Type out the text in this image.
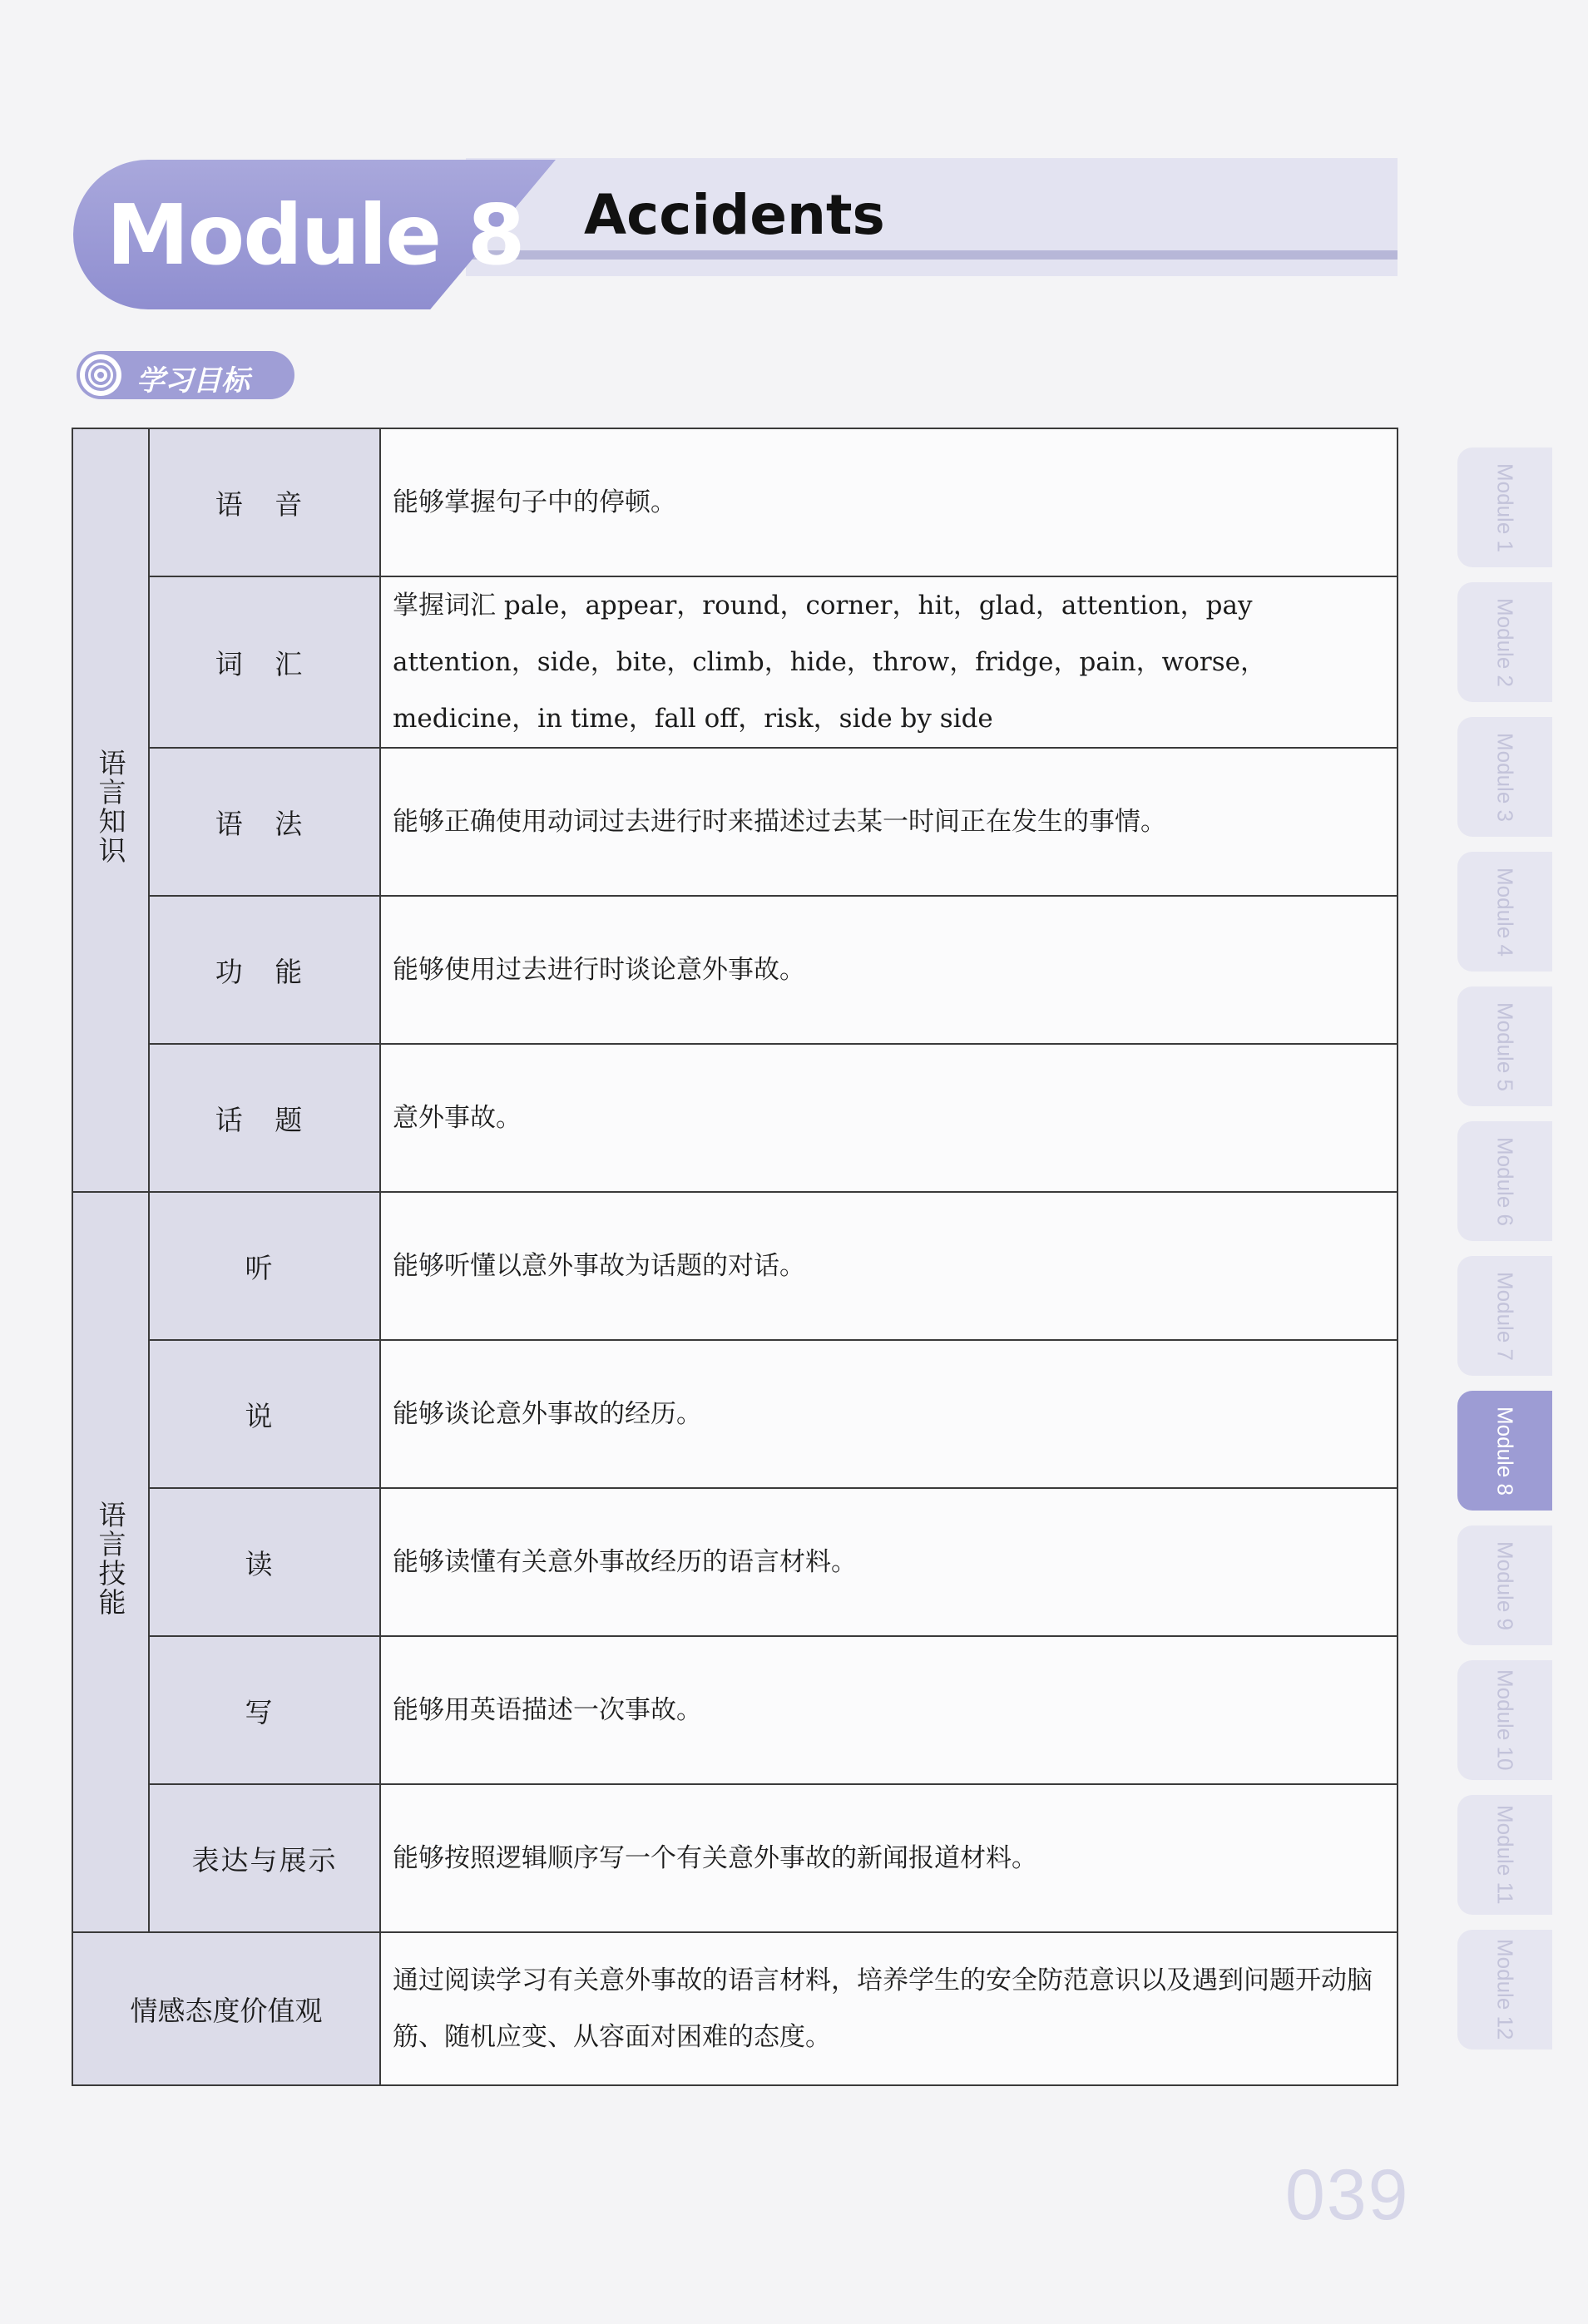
Module 8 Accidents
学习目标
语言知识	语 音	能够掌握句子中的停顿。
	词 汇	掌握词汇 pale，appear，round，corner，hit，glad，attention，pay attention，side，bite，climb，hide，throw，fridge，pain，worse，medicine，in time，fall off，risk，side by side
	语 法	能够正确使用动词过去进行时来描述过去某一时间正在发生的事情。
	功 能	能够使用过去进行时谈论意外事故。
	话 题	意外事故。
语言技能	听	能够听懂以意外事故为话题的对话。
	说	能够谈论意外事故的经历。
	读	能够读懂有关意外事故经历的语言材料。
	写	能够用英语描述一次事故。
	表达与展示	能够按照逻辑顺序写一个有关意外事故的新闻报道材料。
情感态度价值观		通过阅读学习有关意外事故的语言材料，培养学生的安全防范意识以及遇到问题开动脑筋、随机应变、从容面对困难的态度。
Module 1
Module 2
Module 3
Module 4
Module 5
Module 6
Module 7
Module 8
Module 9
Module 10
Module 11
Module 12
039
